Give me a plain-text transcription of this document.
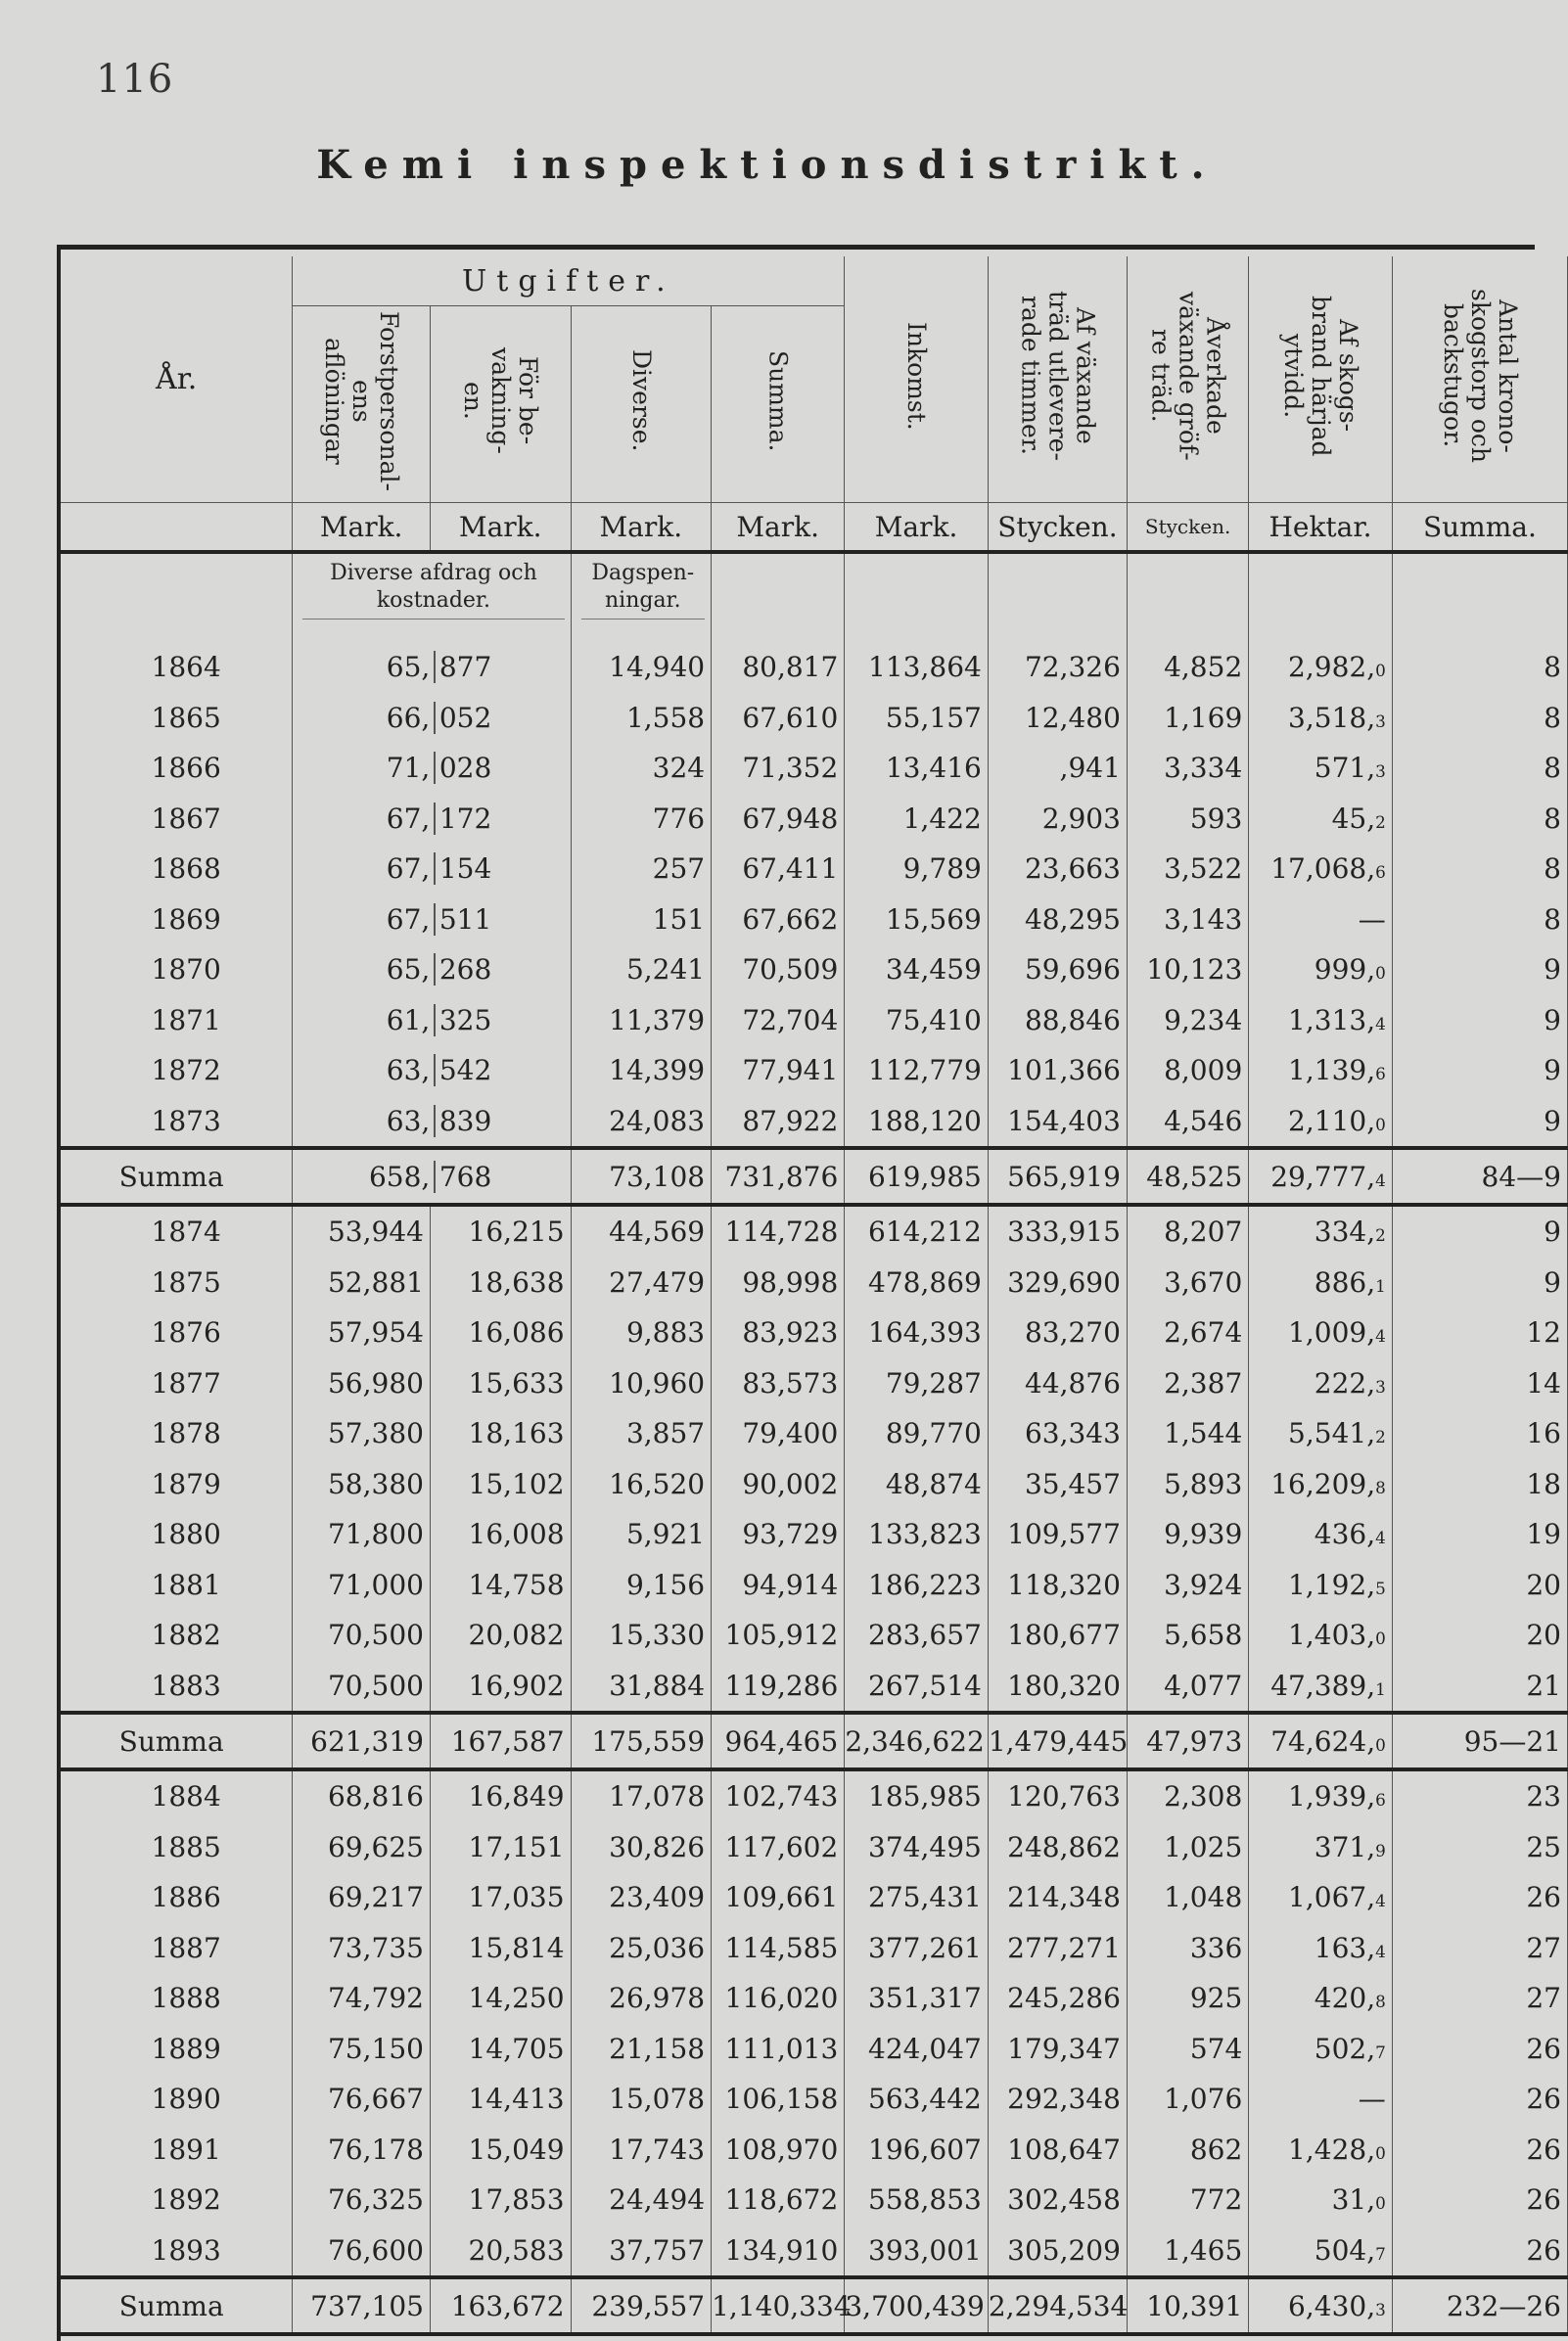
116
Kemi inspektionsdistrikt.
År.	Utgifter.				Inkomst.	Af växande
träd utlevere-
rade timmer.	Åverkade
växande gröf-
re träd.	Af skogs-
brand härjad
ytvidd.	Antal krono-
skogstorp och
backstugor.
	Forstpersonal-
ens
aflöningar	För be-
vakning-
en.	Diverse.	Summa.					
	Mark.	Mark.	Mark.	Mark.	Mark.	Stycken.	Stycken.	Hektar.	Summa.

	Diverse afdrag och
kostnader.		Dagspen-
ningar.						

1864	65, 877		14,940	80,817	113,864	72,326	4,852	2,982,0	8
1865	66, 052		1,558	67,610	55,157	12,480	1,169	3,518,3	8
1866	71, 028		324	71,352	13,416	,941	3,334	571,3	8
1867	67, 172		776	67,948	1,422	2,903	593	45,2	8
1868	67, 154		257	67,411	9,789	23,663	3,522	17,068,6	8
1869	67, 511		151	67,662	15,569	48,295	3,143	—	8
1870	65, 268		5,241	70,509	34,459	59,696	10,123	999,0	9
1871	61, 325		11,379	72,704	75,410	88,846	9,234	1,313,4	9
1872	63, 542		14,399	77,941	112,779	101,366	8,009	1,139,6	9
1873	63, 839		24,083	87,922	188,120	154,403	4,546	2,110,0	9
Summa	658, 768		73,108	731,876	619,985	565,919	48,525	29,777,4	84—9
1874	53,944	16,215	44,569	114,728	614,212	333,915	8,207	334,2	9
1875	52,881	18,638	27,479	98,998	478,869	329,690	3,670	886,1	9
1876	57,954	16,086	9,883	83,923	164,393	83,270	2,674	1,009,4	12
1877	56,980	15,633	10,960	83,573	79,287	44,876	2,387	222,3	14
1878	57,380	18,163	3,857	79,400	89,770	63,343	1,544	5,541,2	16
1879	58,380	15,102	16,520	90,002	48,874	35,457	5,893	16,209,8	18
1880	71,800	16,008	5,921	93,729	133,823	109,577	9,939	436,4	19
1881	71,000	14,758	9,156	94,914	186,223	118,320	3,924	1,192,5	20
1882	70,500	20,082	15,330	105,912	283,657	180,677	5,658	1,403,0	20
1883	70,500	16,902	31,884	119,286	267,514	180,320	4,077	47,389,1	21
Summa	621,319	167,587	175,559	964,465	2,346,622	1,479,445	47,973	74,624,0	95—21
1884	68,816	16,849	17,078	102,743	185,985	120,763	2,308	1,939,6	23
1885	69,625	17,151	30,826	117,602	374,495	248,862	1,025	371,9	25
1886	69,217	17,035	23,409	109,661	275,431	214,348	1,048	1,067,4	26
1887	73,735	15,814	25,036	114,585	377,261	277,271	336	163,4	27
1888	74,792	14,250	26,978	116,020	351,317	245,286	925	420,8	27
1889	75,150	14,705	21,158	111,013	424,047	179,347	574	502,7	26
1890	76,667	14,413	15,078	106,158	563,442	292,348	1,076	—	26
1891	76,178	15,049	17,743	108,970	196,607	108,647	862	1,428,0	26
1892	76,325	17,853	24,494	118,672	558,853	302,458	772	31,0	26
1893	76,600	20,583	37,757	134,910	393,001	305,209	1,465	504,7	26
Summa	737,105	163,672	239,557	1,140,334	3,700,439	2,294,534	10,391	6,430,3	232—26
